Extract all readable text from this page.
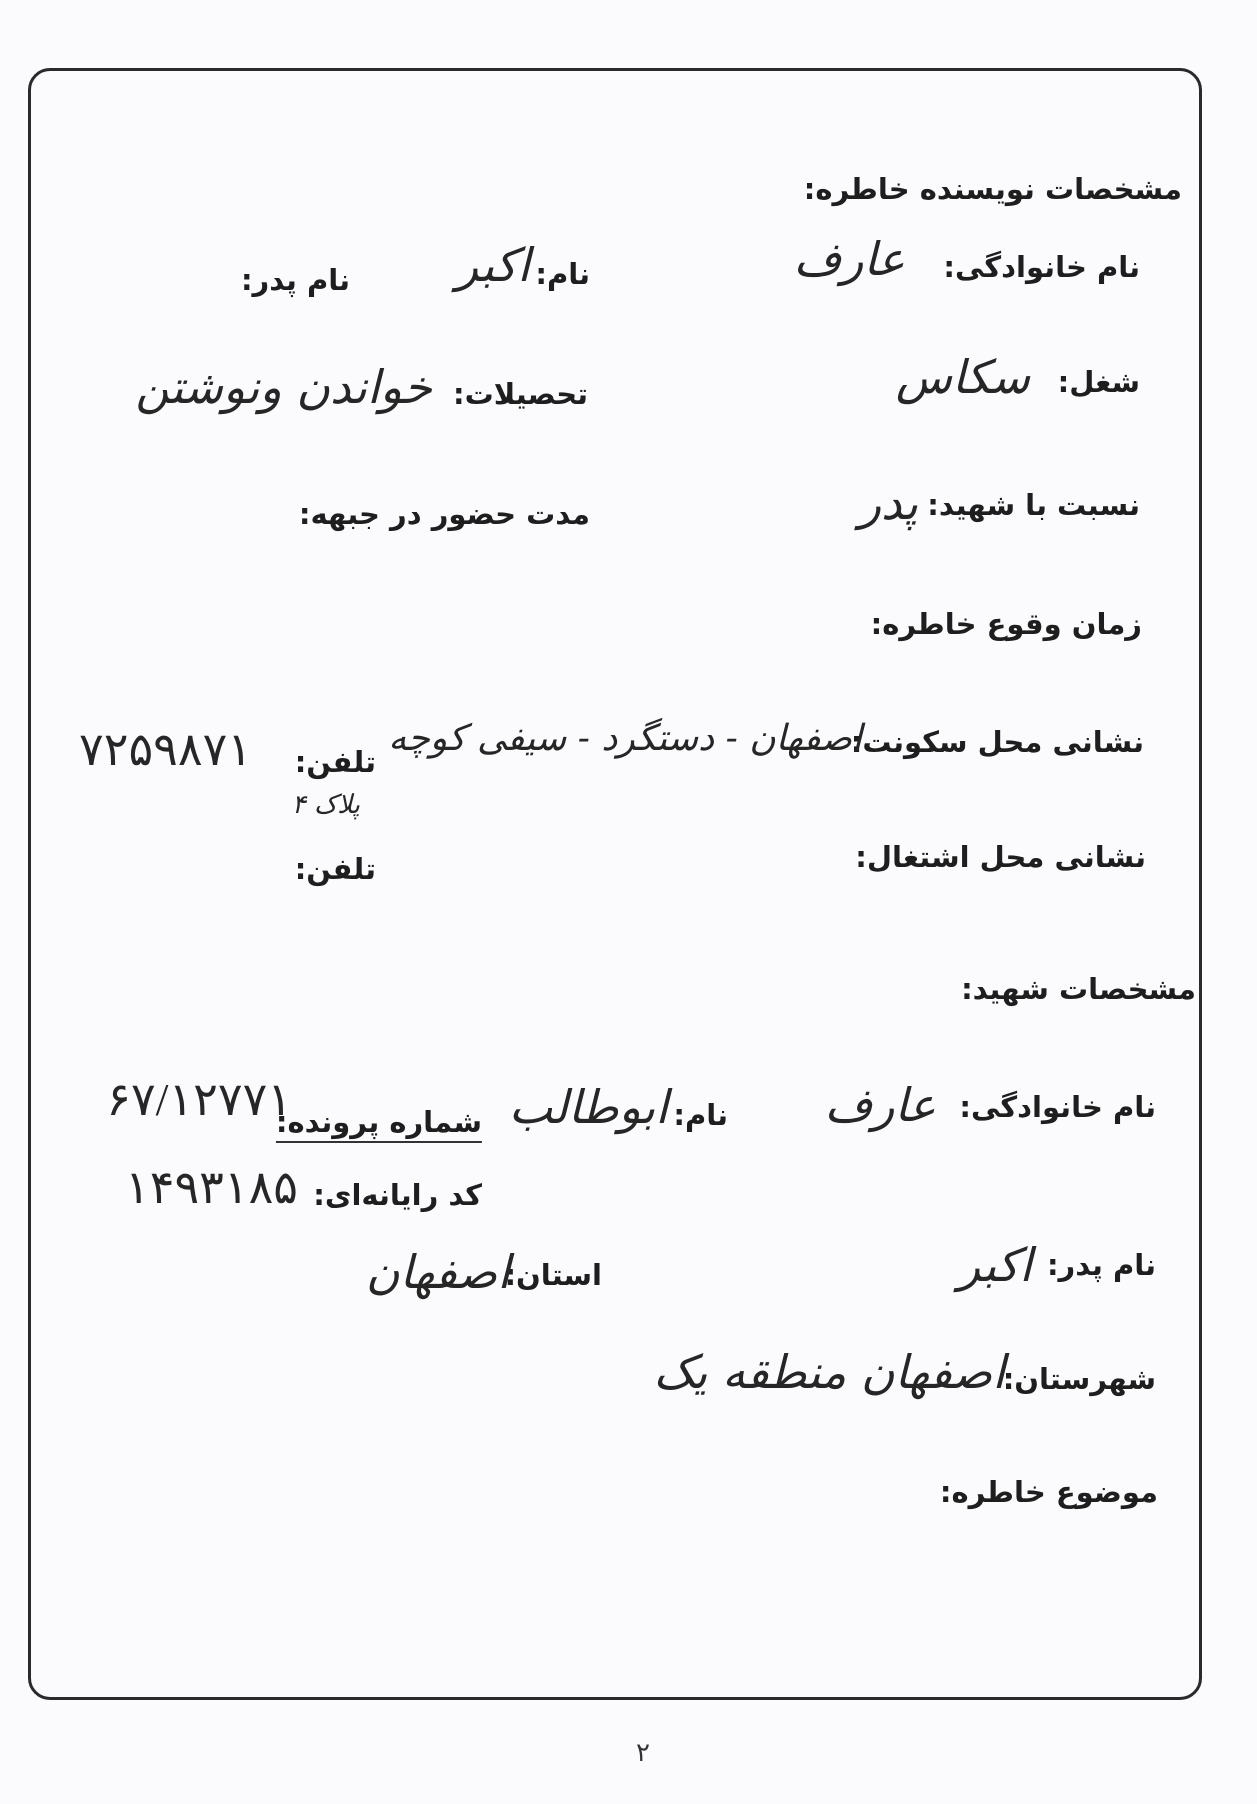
مشخصات نویسنده خاطره:
نام خانوادگی:
عارف
نام:
اکبر
نام پدر:
شغل:
سکاس
تحصیلات:
خواندن ونوشتن
نسبت با شهید:
پدر
مدت حضور در جبهه:
زمان وقوع خاطره:
نشانی محل سکونت:
اصفهان - دستگرد - سیفی کوچه
پلاک ۴
تلفن:
۷۲۵۹۸۷۱
نشانی محل اشتغال:
تلفن:
مشخصات شهید:
نام خانوادگی:
عارف
نام:
ابوطالب
شماره پرونده:
۶۷/۱۲۷۷۱
کد رایانه‌ای:
۱۴۹۳۱۸۵
نام پدر:
اکبر
استان:
اصفهان
شهرستان:
اصفهان منطقه یک
موضوع خاطره:
۲
